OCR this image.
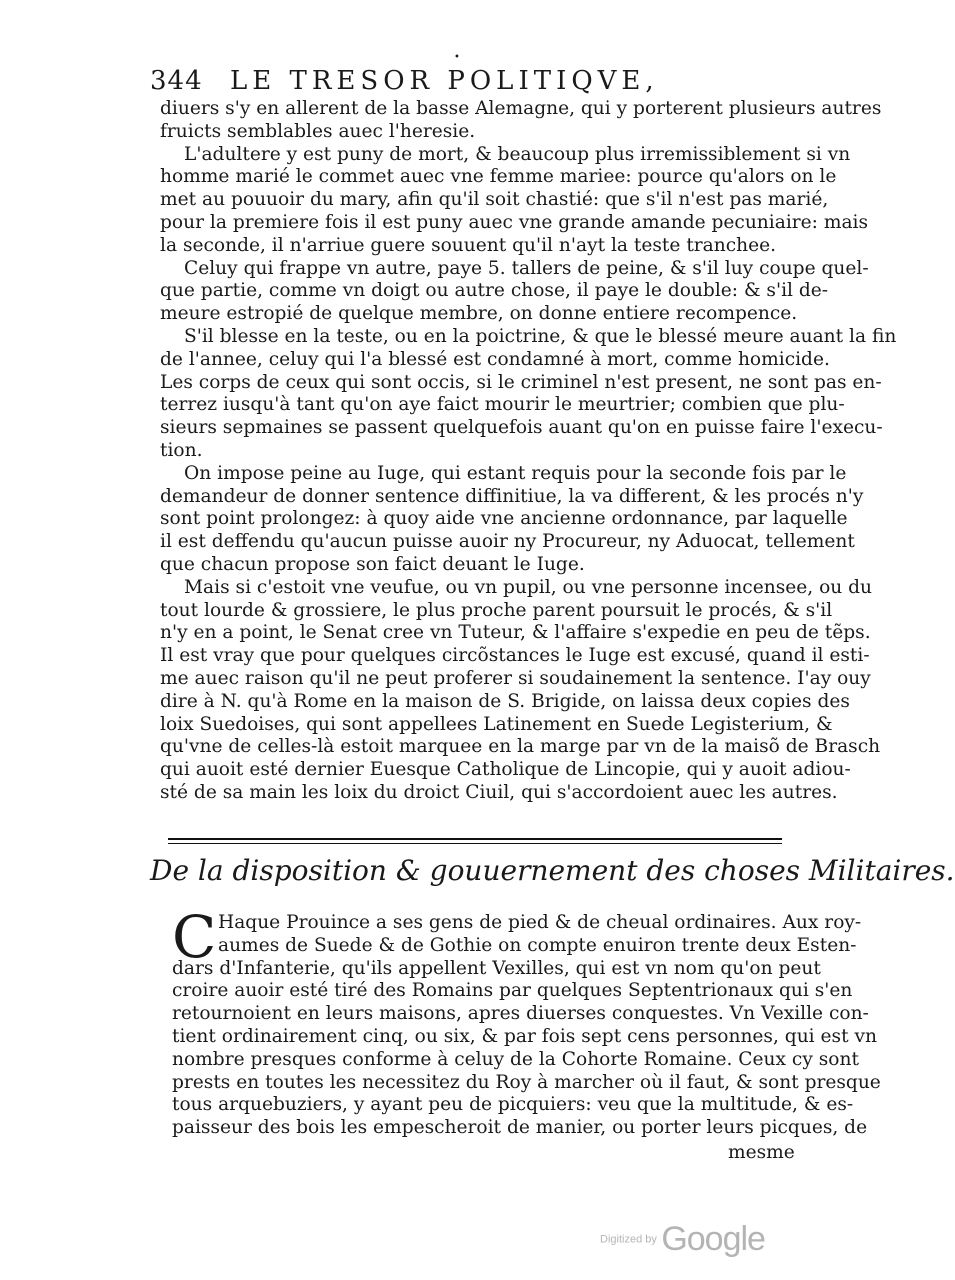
•
344 LE TRESOR POLITIQVE,
diuers s'y en allerent de la basse Alemagne, qui y porterent plusieurs autres
fruicts semblables auec l'heresie.
L'adultere y est puny de mort, & beaucoup plus irremissiblement si vn
homme marié le commet auec vne femme mariee: pource qu'alors on le
met au pouuoir du mary, afin qu'il soit chastié: que s'il n'est pas marié,
pour la premiere fois il est puny auec vne grande amande pecuniaire: mais
la seconde, il n'arriue guere souuent qu'il n'ayt la teste tranchee.
Celuy qui frappe vn autre, paye 5. tallers de peine, & s'il luy coupe quel-
que partie, comme vn doigt ou autre chose, il paye le double: & s'il de-
meure estropié de quelque membre, on donne entiere recompence.
S'il blesse en la teste, ou en la poictrine, & que le blessé meure auant la fin
de l'annee, celuy qui l'a blessé est condamné à mort, comme homicide.
Les corps de ceux qui sont occis, si le criminel n'est present, ne sont pas en-
terrez iusqu'à tant qu'on aye faict mourir le meurtrier; combien que plu-
sieurs sepmaines se passent quelquefois auant qu'on en puisse faire l'execu-
tion.
On impose peine au Iuge, qui estant requis pour la seconde fois par le
demandeur de donner sentence diffinitiue, la va different, & les procés n'y
sont point prolongez: à quoy aide vne ancienne ordonnance, par laquelle
il est deffendu qu'aucun puisse auoir ny Procureur, ny Aduocat, tellement
que chacun propose son faict deuant le Iuge.
Mais si c'estoit vne veufue, ou vn pupil, ou vne personne incensee, ou du
tout lourde & grossiere, le plus proche parent poursuit le procés, & s'il
n'y en a point, le Senat cree vn Tuteur, & l'affaire s'expedie en peu de tẽps.
Il est vray que pour quelques circõstances le Iuge est excusé, quand il esti-
me auec raison qu'il ne peut proferer si soudainement la sentence. I'ay ouy
dire à N. qu'à Rome en la maison de S. Brigide, on laissa deux copies des
loix Suedoises, qui sont appellees Latinement en Suede Legisterium, &
qu'vne de celles-là estoit marquee en la marge par vn de la maisõ de Brasch
qui auoit esté dernier Euesque Catholique de Lincopie, qui y auoit adiou-
sté de sa main les loix du droict Ciuil, qui s'accordoient auec les autres.
De la disposition & gouuernement des choses Militaires.
C Haque Prouince a ses gens de pied & de cheual ordinaires. Aux roy-
aumes de Suede & de Gothie on compte enuiron trente deux Esten-
dars d'Infanterie, qu'ils appellent Vexilles, qui est vn nom qu'on peut
croire auoir esté tiré des Romains par quelques Septentrionaux qui s'en
retournoient en leurs maisons, apres diuerses conquestes. Vn Vexille con-
tient ordinairement cinq, ou six, & par fois sept cens personnes, qui est vn
nombre presques conforme à celuy de la Cohorte Romaine. Ceux cy sont
prests en toutes les necessitez du Roy à marcher où il faut, & sont presque
tous arquebuziers, y ayant peu de picquiers: veu que la multitude, & es-
paisseur des bois les empescheroit de manier, ou porter leurs picques, de
mesme
Digitized by Google
